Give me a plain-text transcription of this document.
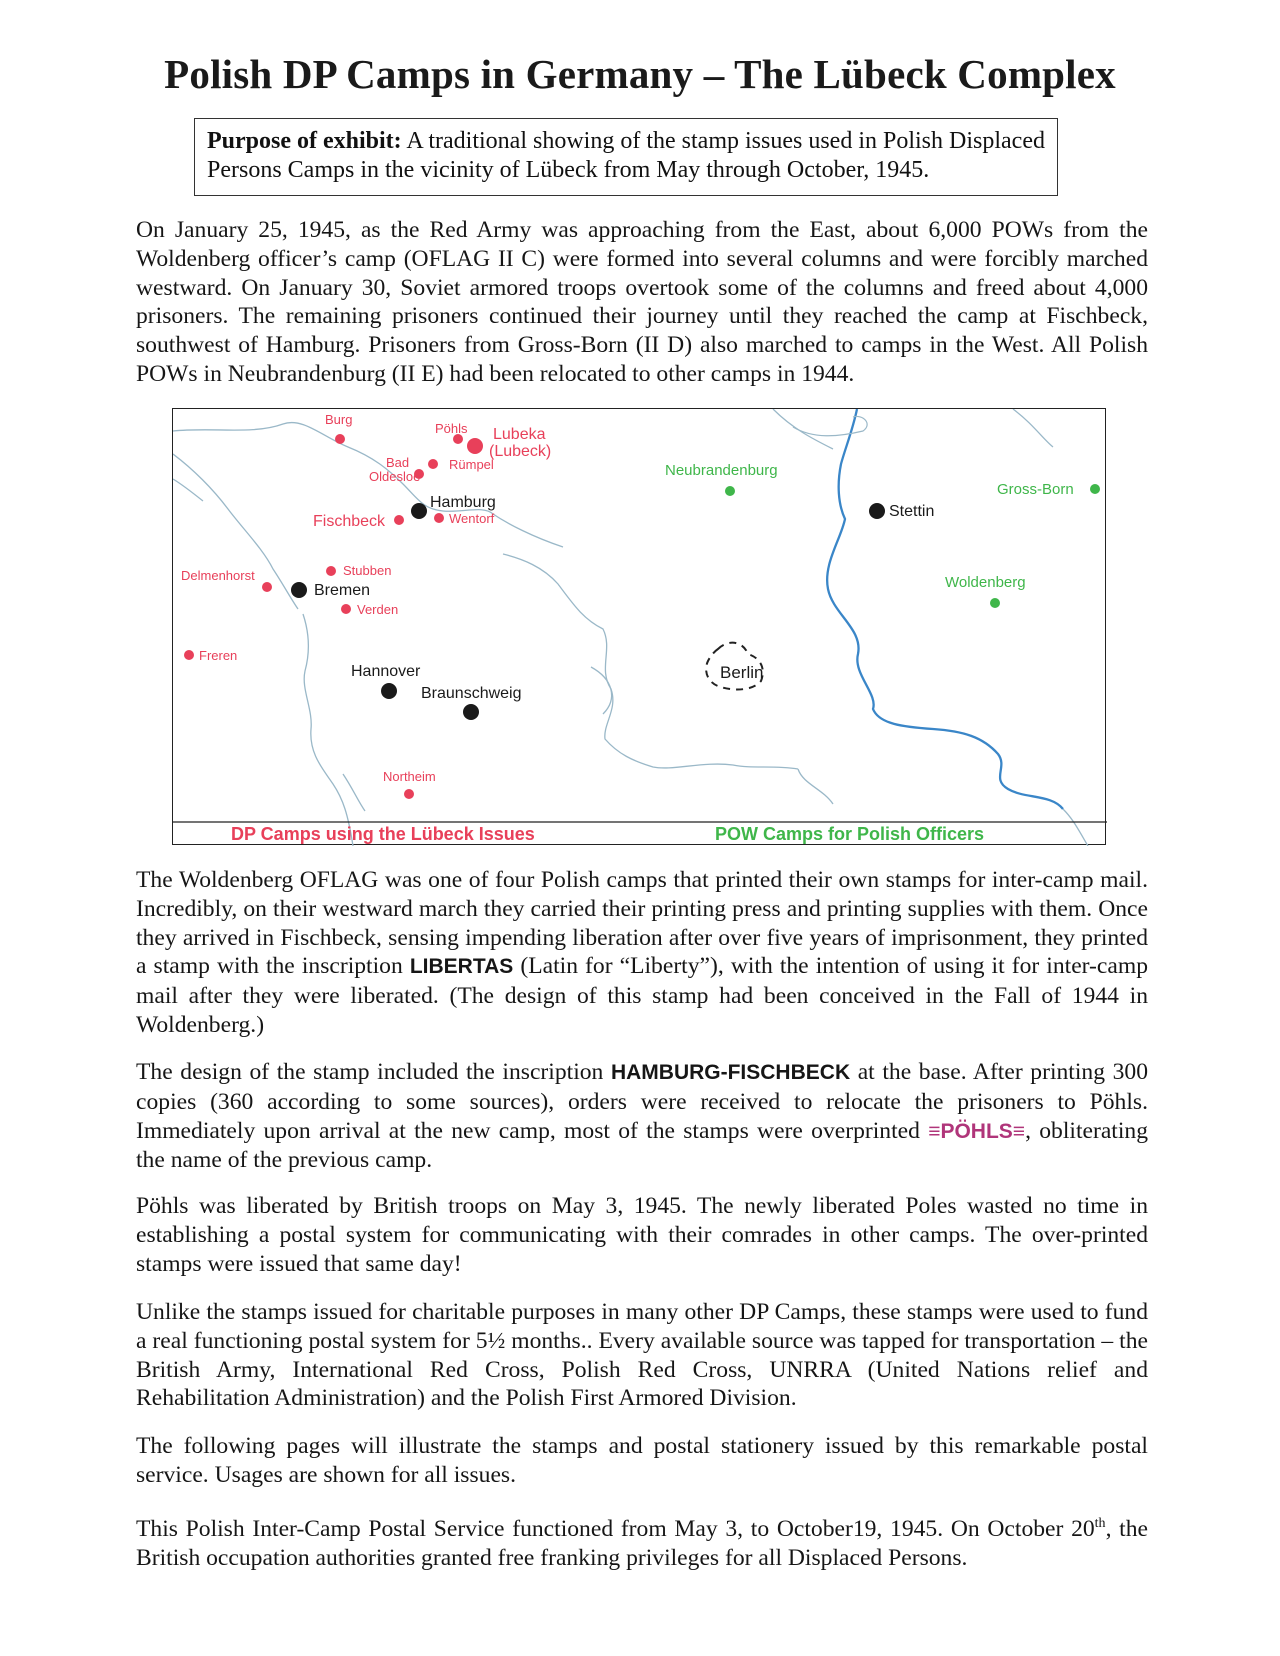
Polish DP Camps in Germany – The Lübeck Complex
Purpose of exhibit: A traditional showing of the stamp issues used in Polish Displaced Persons Camps in the vicinity of Lübeck from May through October, 1945.

On January 25, 1945, as the Red Army was approaching from the East, about 6,000 POWs from the Woldenberg officer’s camp (OFLAG II C) were formed into several columns and were forcibly marched westward. On January 30, Soviet armored troops overtook some of the columns and freed about 4,000 prisoners. The remaining prisoners continued their journey until they reached the camp at Fischbeck, southwest of Hamburg. Prisoners from Gross-Born (II D) also marched to camps in the West. All Polish POWs in Neubrandenburg (II E) had been relocated to other camps in 1944.

Burg
Pöhls Lubeka
(Lubeck)
Bad
Oldesloe
Rümpel
Fischbeck	Wentorf
Stubben
Delmenhorst
Verden
Freren
Northeim
Hamburg
Bremen
Hannover
Braunschweig
Stettin
Berlin
Neubrandenburg
Gross-Born
Woldenberg
DP Camps using the Lübeck Issues	POW Camps for Polish Officers

The Woldenberg OFLAG was one of four Polish camps that printed their own stamps for inter-camp mail. Incredibly, on their westward march they carried their printing press and printing supplies with them. Once they arrived in Fischbeck, sensing impending liberation after over five years of imprisonment, they printed a stamp with the inscription LIBERTAS (Latin for “Liberty”), with the intention of using it for inter-camp mail after they were liberated. (The design of this stamp had been conceived in the Fall of 1944 in Woldenberg.)

The design of the stamp included the inscription HAMBURG-FISCHBECK at the base. After printing 300 copies (360 according to some sources), orders were received to relocate the prisoners to Pöhls. Immediately upon arrival at the new camp, most of the stamps were overprinted ≡PÖHLS≡, obliterating the name of the previous camp.

Pöhls was liberated by British troops on May 3, 1945. The newly liberated Poles wasted no time in establishing a postal system for communicating with their comrades in other camps. The over-printed stamps were issued that same day!

Unlike the stamps issued for charitable purposes in many other DP Camps, these stamps were used to fund a real functioning postal system for 5½ months.. Every available source was tapped for transportation – the British Army, International Red Cross, Polish Red Cross, UNRRA (United Nations relief and Rehabilitation Administration) and the Polish First Armored Division.

The following pages will illustrate the stamps and postal stationery issued by this remarkable postal service. Usages are shown for all issues.

This Polish Inter-Camp Postal Service functioned from May 3, to October19, 1945. On October 20th, the British occupation authorities granted free franking privileges for all Displaced Persons.
